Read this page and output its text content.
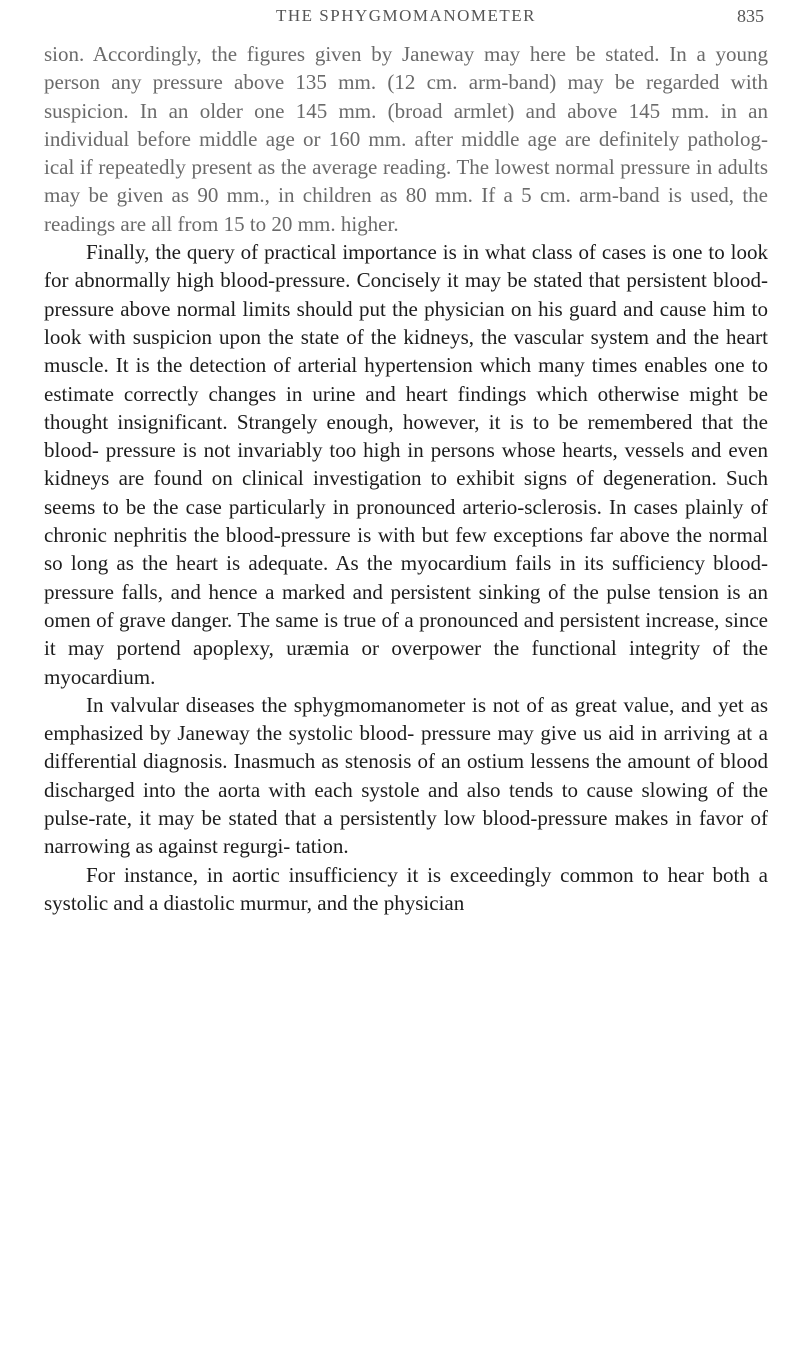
THE SPHYGMOMANOMETER	835

sion. Accordingly, the figures given by Janeway may here be stated. In a young person any pressure above 135 mm. (12 cm. arm-band) may be regarded with suspicion. In an older one 145 mm. (broad armlet) and above 145 mm. in an individual before middle age or 160 mm. after middle age are definitely patholog- ical if repeatedly present as the average reading. The lowest normal pressure in adults may be given as 90 mm., in children as 80 mm. If a 5 cm. arm-band is used, the readings are all from 15 to 20 mm. higher.

Finally, the query of practical importance is in what class of cases is one to look for abnormally high blood-pressure. Concisely it may be stated that persistent blood-pressure above normal limits should put the physician on his guard and cause him to look with suspicion upon the state of the kidneys, the vascular system and the heart muscle. It is the detection of arterial hypertension which many times enables one to estimate correctly changes in urine and heart findings which otherwise might be thought insignificant. Strangely enough, however, it is to be remembered that the blood- pressure is not invariably too high in persons whose hearts, vessels and even kidneys are found on clinical investigation to exhibit signs of degeneration. Such seems to be the case particularly in pronounced arterio-sclerosis. In cases plainly of chronic nephritis the blood-pressure is with but few exceptions far above the normal so long as the heart is adequate. As the myocardium fails in its sufficiency blood-pressure falls, and hence a marked and persistent sinking of the pulse tension is an omen of grave danger. The same is true of a pronounced and persistent increase, since it may portend apoplexy, uræmia or overpower the functional integrity of the myocardium.

In valvular diseases the sphygmomanometer is not of as great value, and yet as emphasized by Janeway the systolic blood- pressure may give us aid in arriving at a differential diagnosis. Inasmuch as stenosis of an ostium lessens the amount of blood discharged into the aorta with each systole and also tends to cause slowing of the pulse-rate, it may be stated that a persistently low blood-pressure makes in favor of narrowing as against regurgi- tation.

For instance, in aortic insufficiency it is exceedingly common to hear both a systolic and a diastolic murmur, and the physician
